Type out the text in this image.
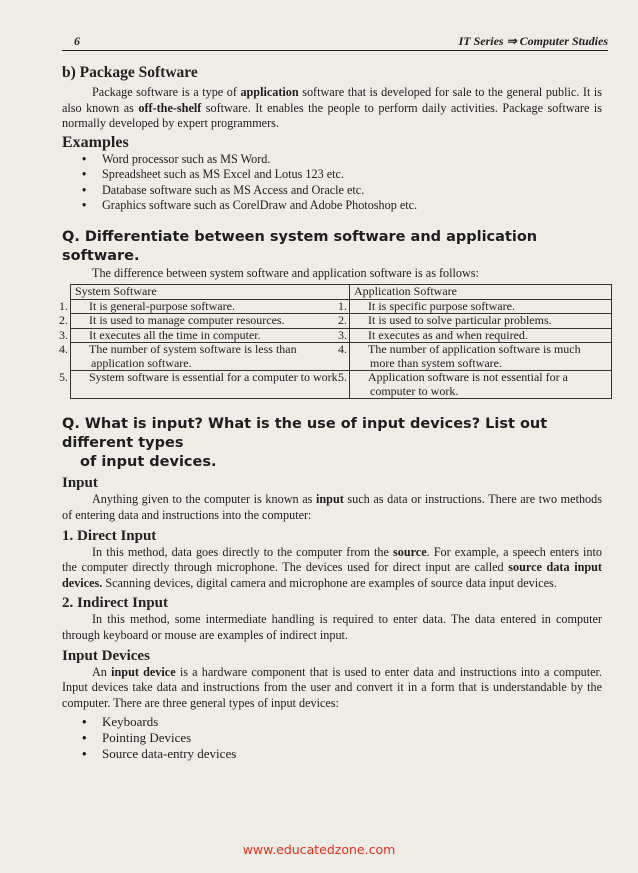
6	IT Series ⇒ Computer Studies
b) Package Software

Package software is a type of application software that is developed for sale to the general public. It is also known as off-the-shelf software. It enables the people to perform daily activities. Package software is normally developed by expert programmers.

Examples
• Word processor such as MS Word.
• Spreadsheet such as MS Excel and Lotus 123 etc.
• Database software such as MS Access and Oracle etc.
• Graphics software such as CorelDraw and Adobe Photoshop etc.
Q. Differentiate between system software and application software.

The difference between system software and application software is as follows:

System Software	Application Software

1. It is general-purpose software.	1. It is specific purpose software.

2. It is used to manage computer resources.	2. It is used to solve particular problems.

3. It executes all the time in computer.	3. It executes as and when required.

4. The number of system software is less than application software.	4. The number of application software is much more than system software.

5. System software is essential for a computer to work.	5. Application software is not essential for a computer to work.
Q. What is input? What is the use of input devices? List out different types
of input devices.
Input

Anything given to the computer is known as input such as data or instructions. There are two methods of entering data and instructions into the computer:

1. Direct Input

In this method, data goes directly to the computer from the source. For example, a speech enters into the computer directly through microphone. The devices used for direct input are called source data input devices. Scanning devices, digital camera and microphone are examples of source data input devices.

2. Indirect Input

In this method, some intermediate handling is required to enter data. The data entered in computer through keyboard or mouse are examples of indirect input.

Input Devices

An input device is a hardware component that is used to enter data and instructions into a computer. Input devices take data and instructions from the user and convert it in a form that is understandable by the computer. There are three general types of input devices:

• Keyboards
• Pointing Devices
• Source data-entry devices
www.educatedzone.com
